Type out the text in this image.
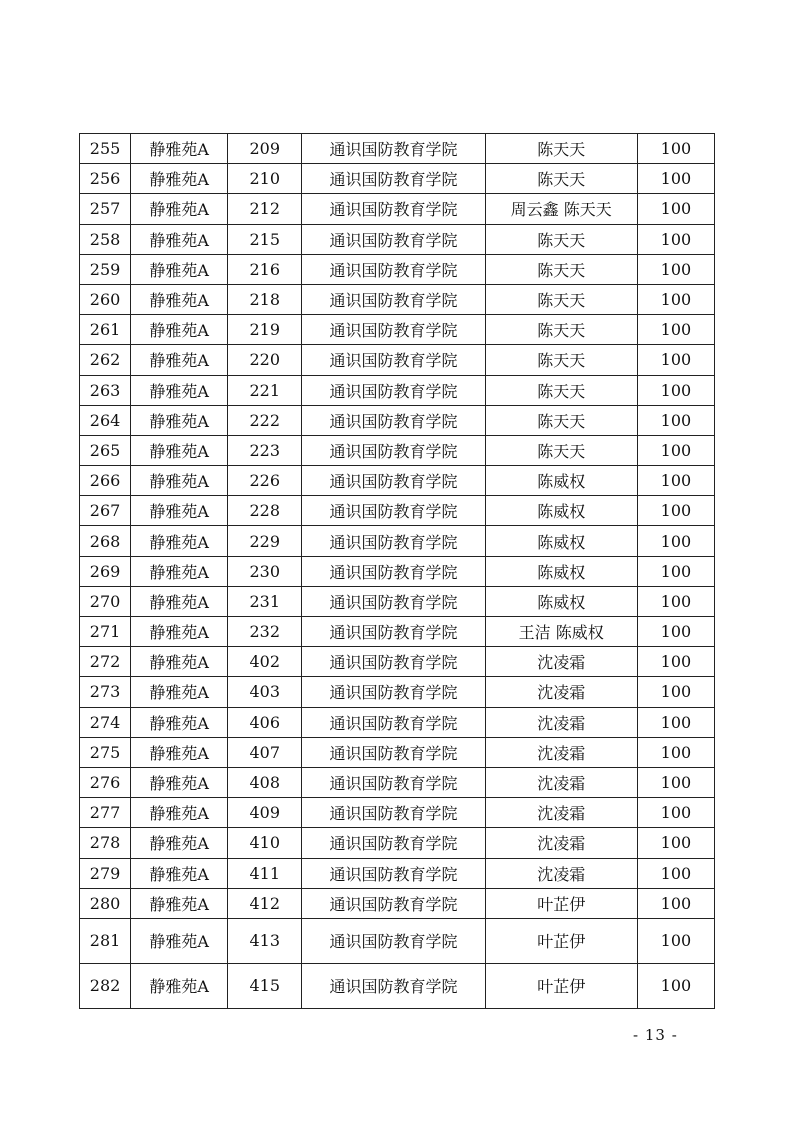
255	静雅苑A	209	通识国防教育学院	陈天天	100
256	静雅苑A	210	通识国防教育学院	陈天天	100
257	静雅苑A	212	通识国防教育学院	周云鑫 陈天天	100
258	静雅苑A	215	通识国防教育学院	陈天天	100
259	静雅苑A	216	通识国防教育学院	陈天天	100
260	静雅苑A	218	通识国防教育学院	陈天天	100
261	静雅苑A	219	通识国防教育学院	陈天天	100
262	静雅苑A	220	通识国防教育学院	陈天天	100
263	静雅苑A	221	通识国防教育学院	陈天天	100
264	静雅苑A	222	通识国防教育学院	陈天天	100
265	静雅苑A	223	通识国防教育学院	陈天天	100
266	静雅苑A	226	通识国防教育学院	陈威权	100
267	静雅苑A	228	通识国防教育学院	陈威权	100
268	静雅苑A	229	通识国防教育学院	陈威权	100
269	静雅苑A	230	通识国防教育学院	陈威权	100
270	静雅苑A	231	通识国防教育学院	陈威权	100
271	静雅苑A	232	通识国防教育学院	王洁 陈威权	100
272	静雅苑A	402	通识国防教育学院	沈凌霜	100
273	静雅苑A	403	通识国防教育学院	沈凌霜	100
274	静雅苑A	406	通识国防教育学院	沈凌霜	100
275	静雅苑A	407	通识国防教育学院	沈凌霜	100
276	静雅苑A	408	通识国防教育学院	沈凌霜	100
277	静雅苑A	409	通识国防教育学院	沈凌霜	100
278	静雅苑A	410	通识国防教育学院	沈凌霜	100
279	静雅苑A	411	通识国防教育学院	沈凌霜	100
280	静雅苑A	412	通识国防教育学院	叶芷伊	100
281	静雅苑A	413	通识国防教育学院	叶芷伊	100
282	静雅苑A	415	通识国防教育学院	叶芷伊	100
- 13 -
